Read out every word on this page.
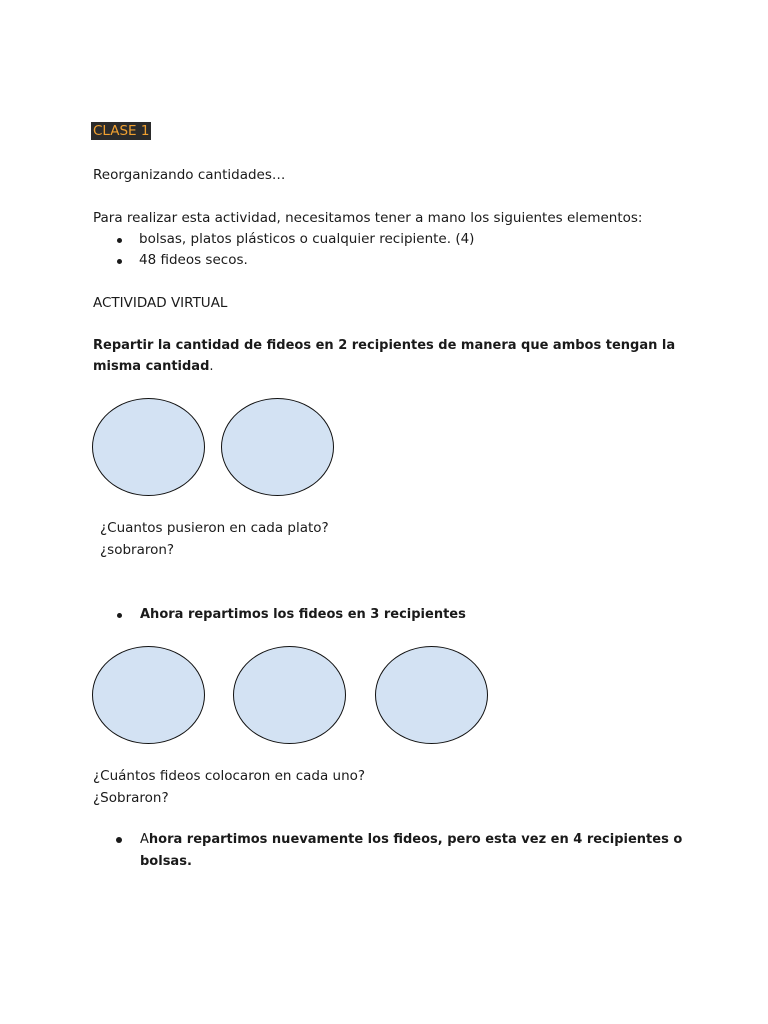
CLASE 1
Reorganizando cantidades…
Para realizar esta actividad, necesitamos tener a mano los siguientes elementos:
bolsas, platos plásticos o cualquier recipiente. (4)
48 fideos secos.
ACTIVIDAD VIRTUAL
Repartir la cantidad de fideos en 2 recipientes de manera que ambos tengan la
misma cantidad.
¿Cuantos pusieron en cada plato?
¿sobraron?
Ahora repartimos los fideos en 3 recipientes
¿Cuántos fideos colocaron en cada uno?
¿Sobraron?
Ahora repartimos nuevamente los fideos, pero esta vez en 4 recipientes o
bolsas.
